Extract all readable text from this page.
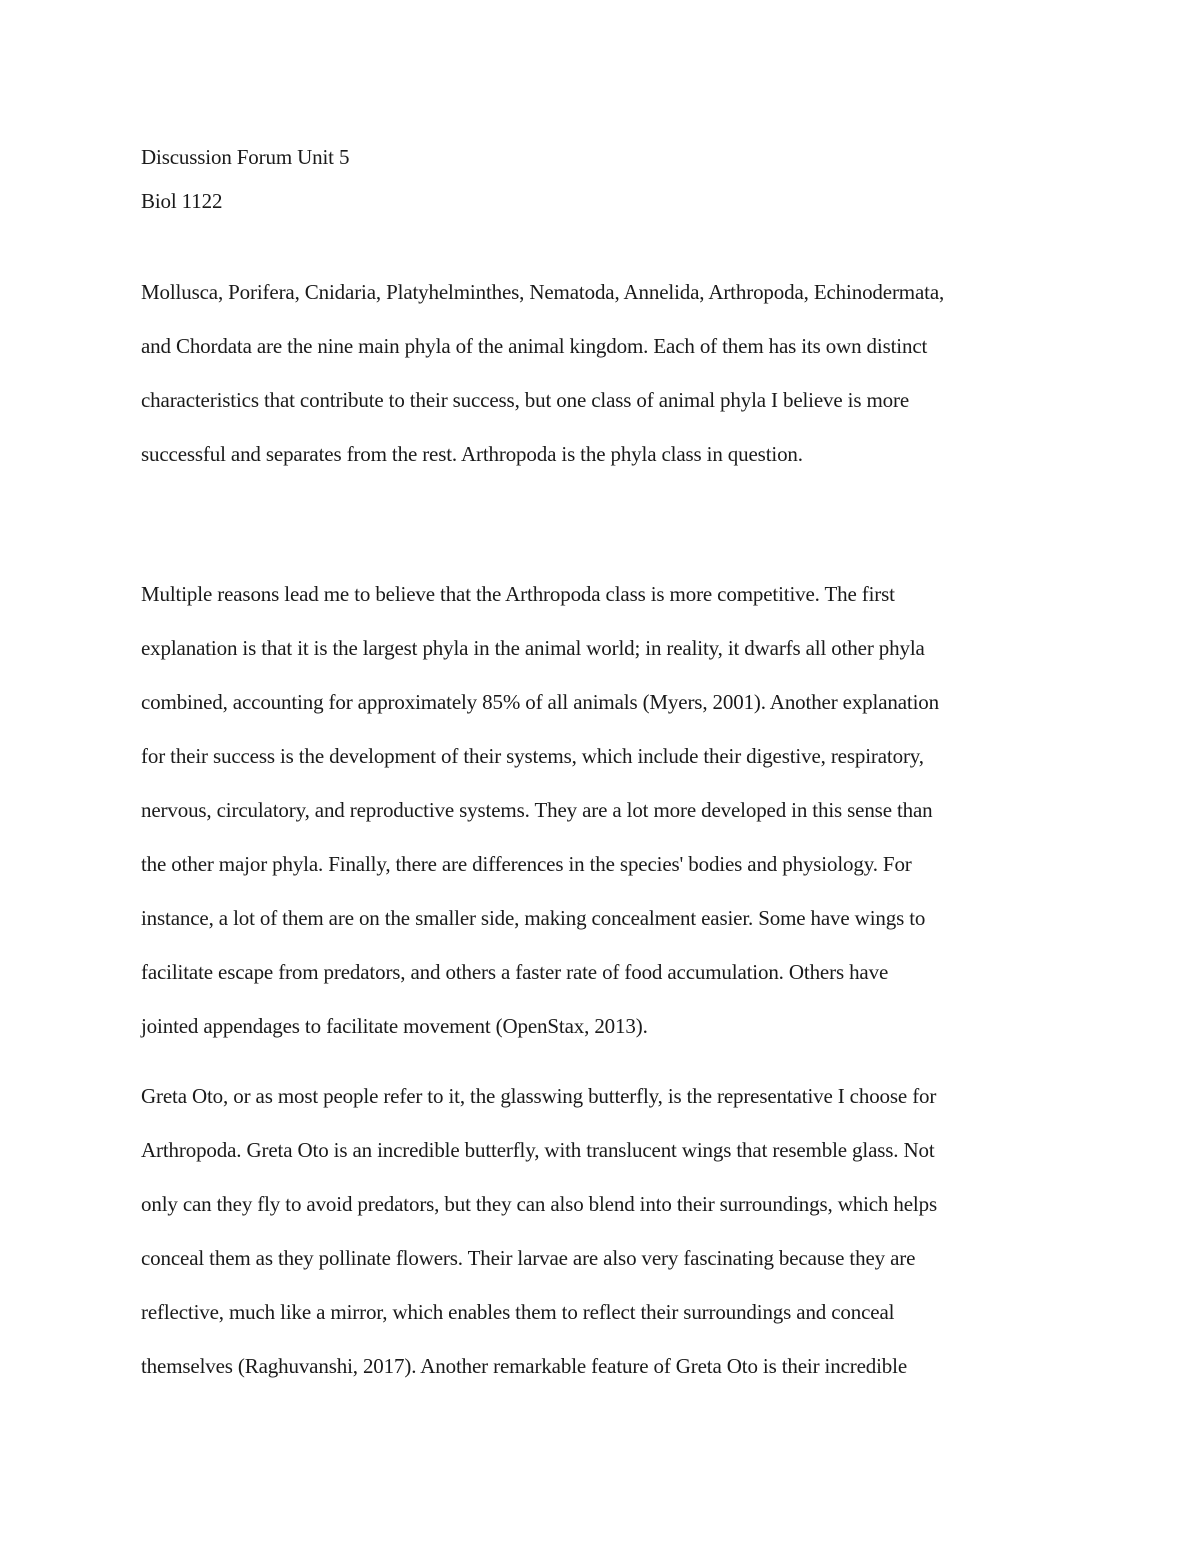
Discussion Forum Unit 5
Biol 1122
Mollusca, Porifera, Cnidaria, Platyhelminthes, Nematoda, Annelida, Arthropoda, Echinodermata,
and Chordata are the nine main phyla of the animal kingdom. Each of them has its own distinct
characteristics that contribute to their success, but one class of animal phyla I believe is more
successful and separates from the rest. Arthropoda is the phyla class in question.
Multiple reasons lead me to believe that the Arthropoda class is more competitive. The first
explanation is that it is the largest phyla in the animal world; in reality, it dwarfs all other phyla
combined, accounting for approximately 85% of all animals (Myers, 2001). Another explanation
for their success is the development of their systems, which include their digestive, respiratory,
nervous, circulatory, and reproductive systems. They are a lot more developed in this sense than
the other major phyla. Finally, there are differences in the species' bodies and physiology. For
instance, a lot of them are on the smaller side, making concealment easier. Some have wings to
facilitate escape from predators, and others a faster rate of food accumulation. Others have
jointed appendages to facilitate movement (OpenStax, 2013).
Greta Oto, or as most people refer to it, the glasswing butterfly, is the representative I choose for
Arthropoda. Greta Oto is an incredible butterfly, with translucent wings that resemble glass. Not
only can they fly to avoid predators, but they can also blend into their surroundings, which helps
conceal them as they pollinate flowers. Their larvae are also very fascinating because they are
reflective, much like a mirror, which enables them to reflect their surroundings and conceal
themselves (Raghuvanshi, 2017). Another remarkable feature of Greta Oto is their incredible
